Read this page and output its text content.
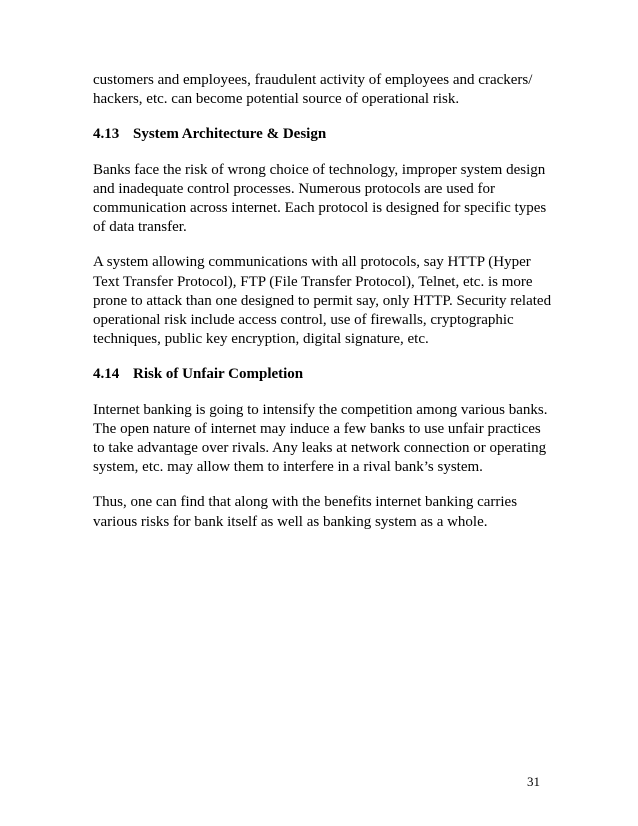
customers and employees, fraudulent activity of employees and crackers/

hackers, etc. can become potential source of operational risk.

4.13 System Architecture & Design

Banks face the risk of wrong choice of technology, improper system design

and inadequate control processes. Numerous protocols are used for

communication across internet. Each protocol is designed for specific types

of data transfer.

A system allowing communications with all protocols, say HTTP (Hyper

Text Transfer Protocol), FTP (File Transfer Protocol), Telnet, etc. is more

prone to attack than one designed to permit say, only HTTP. Security related

operational risk include access control, use of firewalls, cryptographic

techniques, public key encryption, digital signature, etc.

4.14 Risk of Unfair Completion

Internet banking is going to intensify the competition among various banks.

The open nature of internet may induce a few banks to use unfair practices

to take advantage over rivals. Any leaks at network connection or operating

system, etc. may allow them to interfere in a rival bank’s system.

Thus, one can find that along with the benefits internet banking carries

various risks for bank itself as well as banking system as a whole.

31
